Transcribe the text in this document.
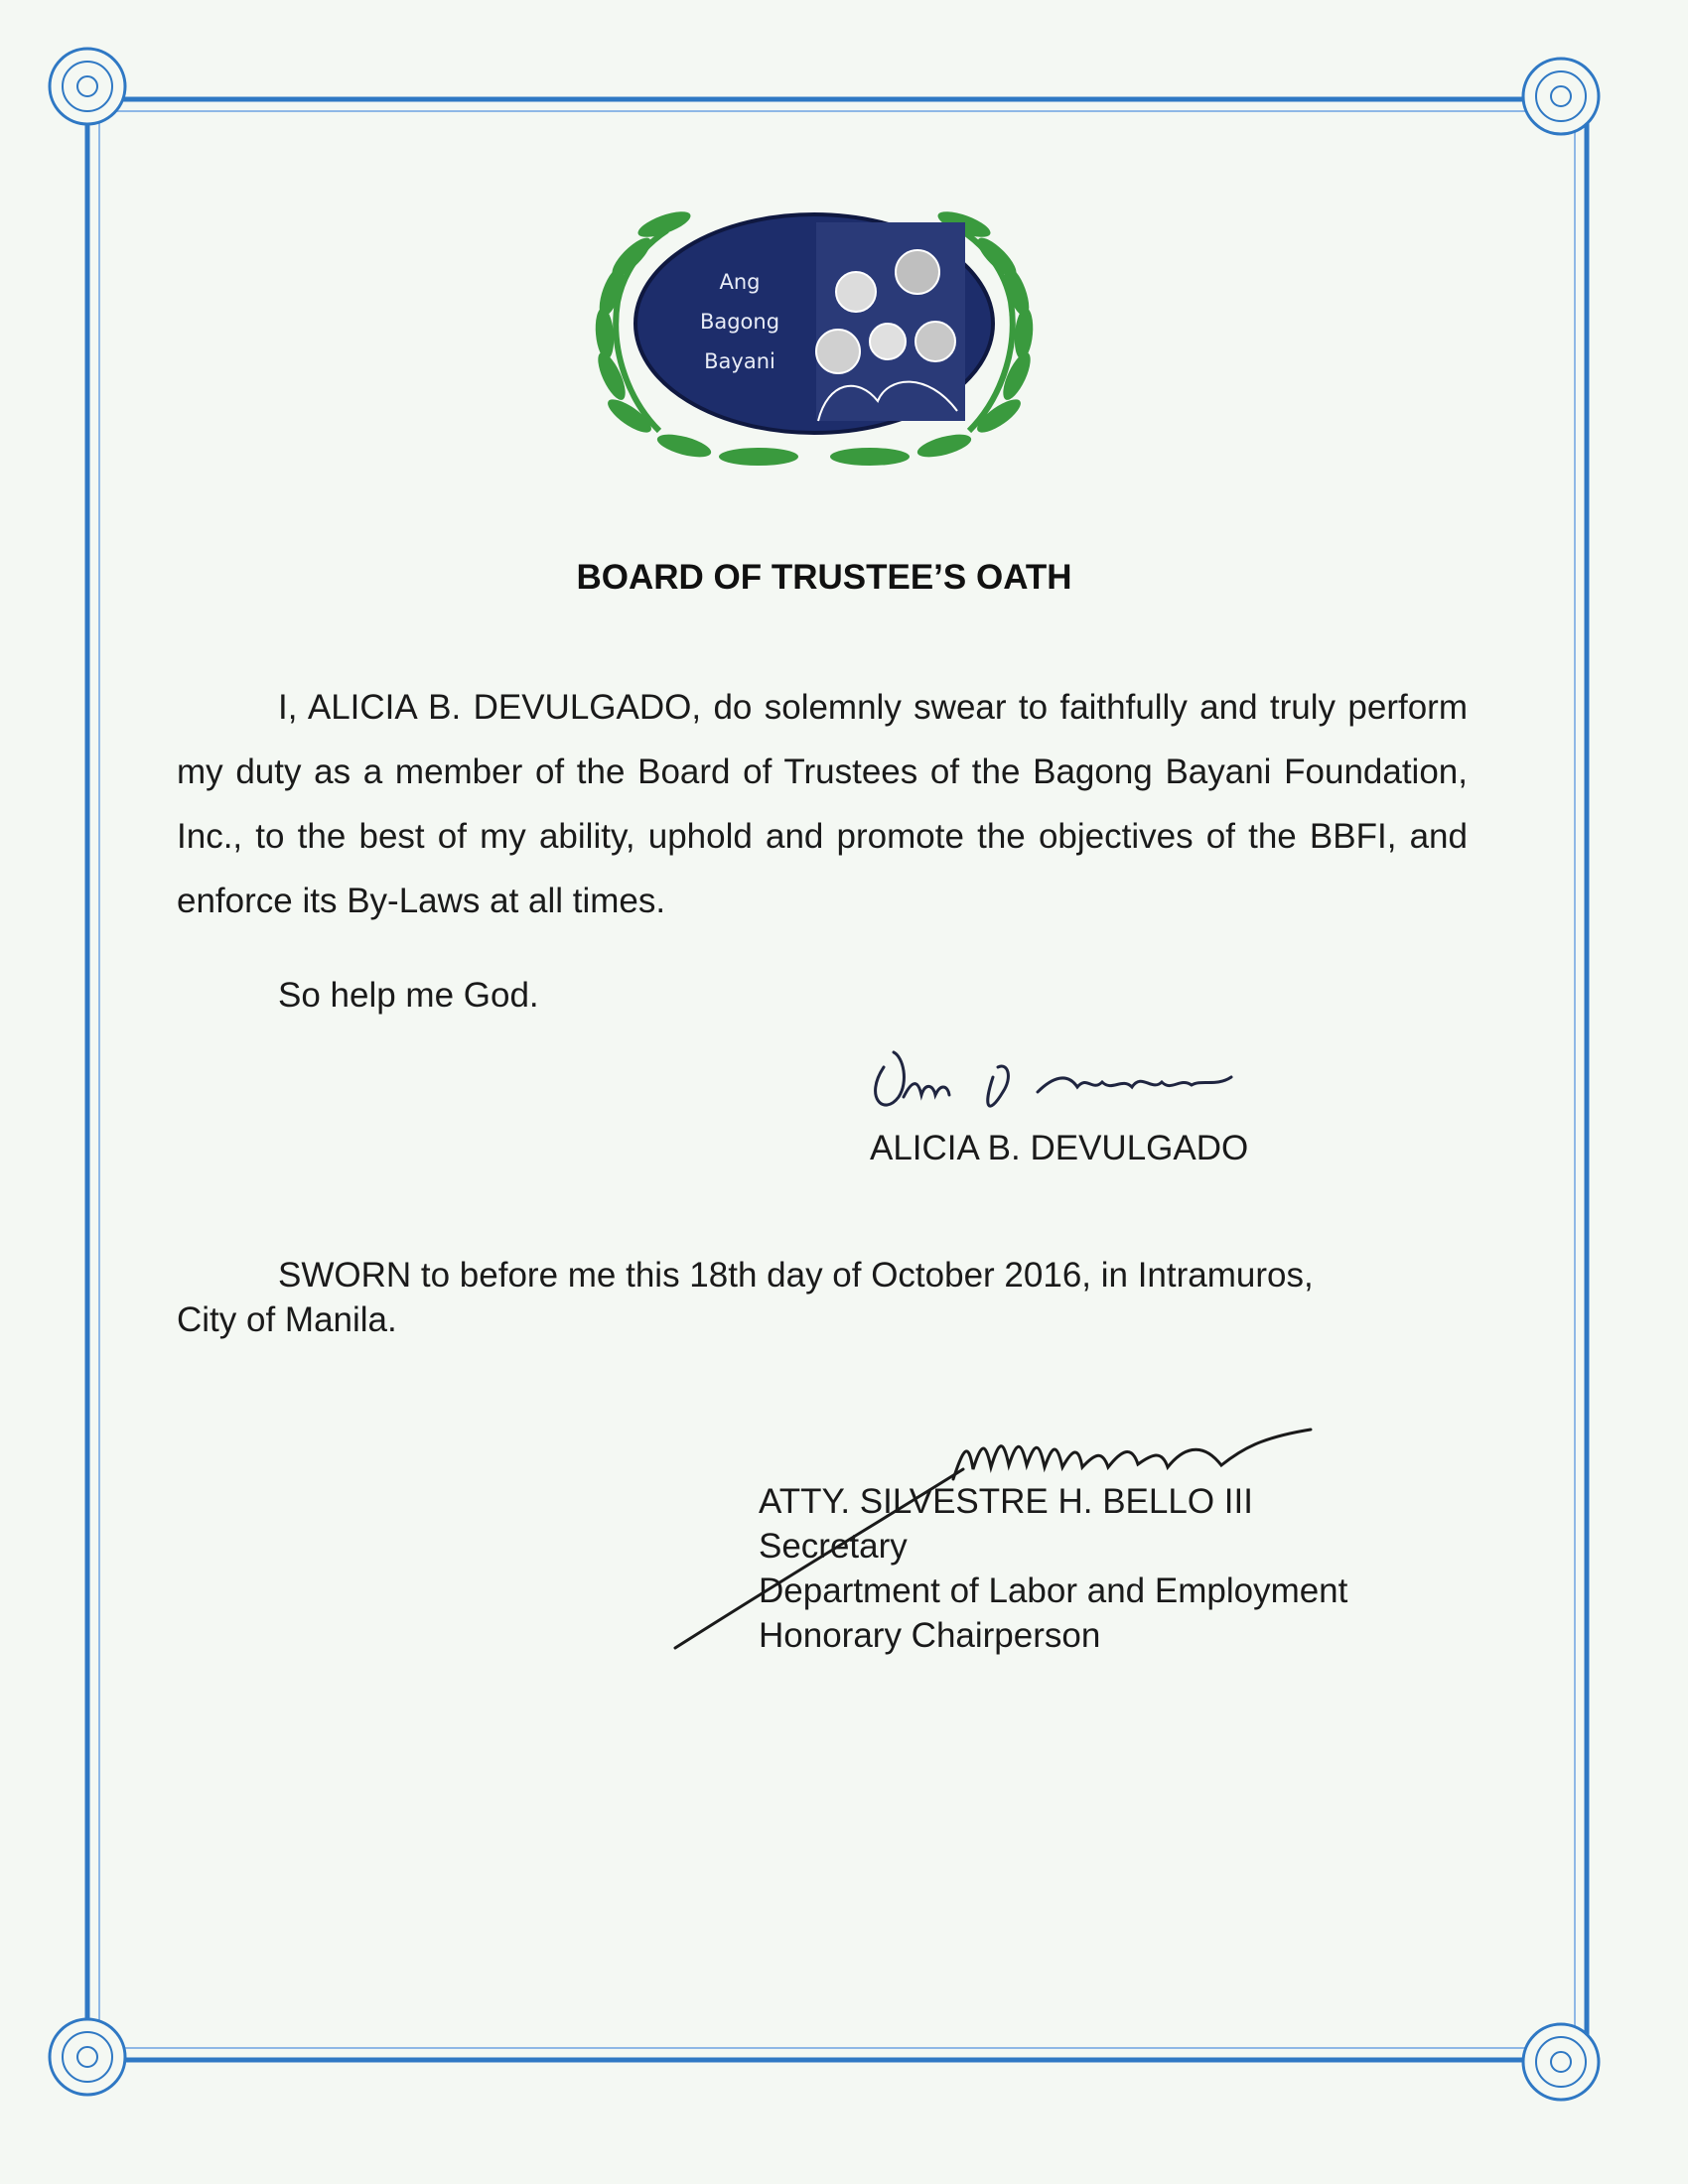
Ang
Bagong
Bayani
BOARD OF TRUSTEE’S OATH

I, ALICIA B. DEVULGADO, do solemnly swear to faithfully and truly perform my duty as a member of the Board of Trustees of the Bagong Bayani Foundation, Inc., to the best of my ability, uphold and promote the objectives of the BBFI, and enforce its By-Laws at all times.

So help me God.
ALICIA B. DEVULGADO
SWORN to before me this 18th day of October 2016, in Intramuros,
City of Manila.
ATTY. SILVESTRE H. BELLO III
Secretary
Department of Labor and Employment
Honorary Chairperson
